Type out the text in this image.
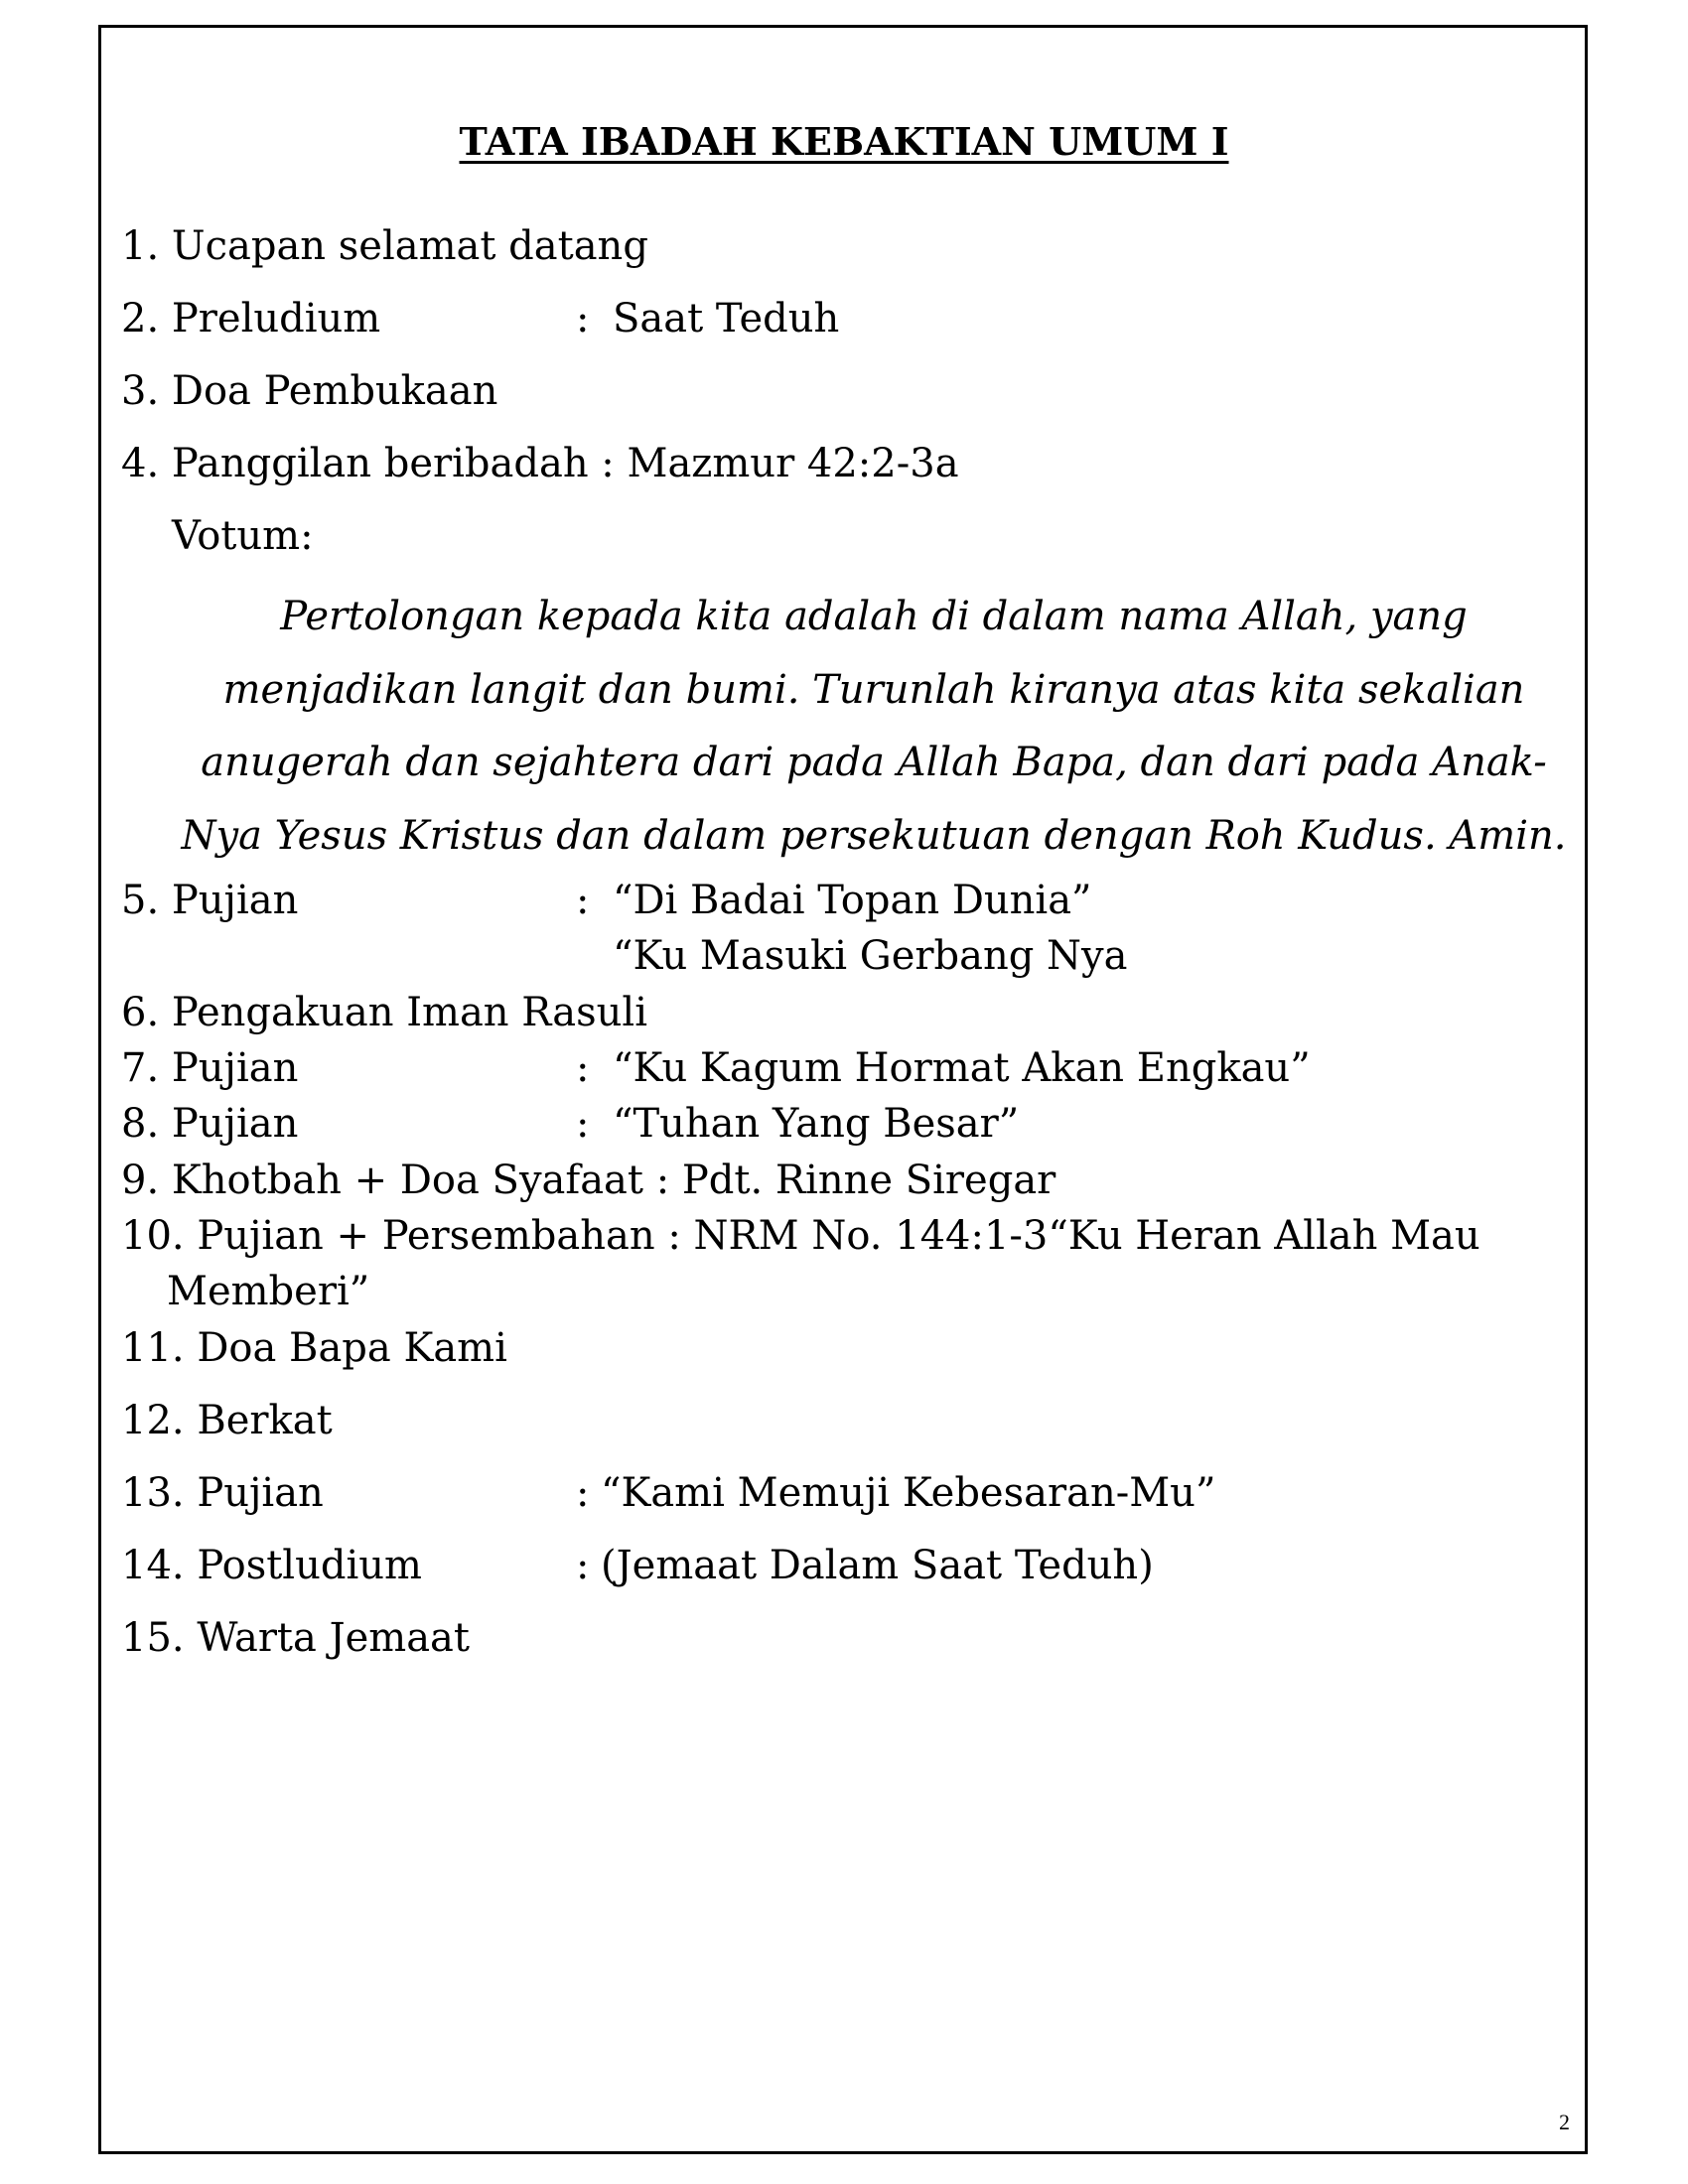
TATA IBADAH KEBAKTIAN UMUM I
1. Ucapan selamat datang
2. Preludium	: Saat Teduh
3. Doa Pembukaan
4. Panggilan beribadah : Mazmur 42:2-3a
Votum:

Pertolongan kepada kita adalah di dalam nama Allah, yang
menjadikan langit dan bumi. Turunlah kiranya atas kita sekalian
anugerah dan sejahtera dari pada Allah Bapa, dan dari pada Anak-
Nya Yesus Kristus dan dalam persekutuan dengan Roh Kudus. Amin.

5. Pujian	: “Di Badai Topan Dunia”
“Ku Masuki Gerbang Nya
6. Pengakuan Iman Rasuli
7. Pujian	: “Ku Kagum Hormat Akan Engkau”
8. Pujian	: “Tuhan Yang Besar”
9. Khotbah + Doa Syafaat : Pdt. Rinne Siregar
10. Pujian + Persembahan : NRM No. 144:1-3“Ku Heran Allah Mau
Memberi”
11. Doa Bapa Kami
12. Berkat
13. Pujian	: “Kami Memuji Kebesaran-Mu”
14. Postludium	: (Jemaat Dalam Saat Teduh)
15. Warta Jemaat
2
